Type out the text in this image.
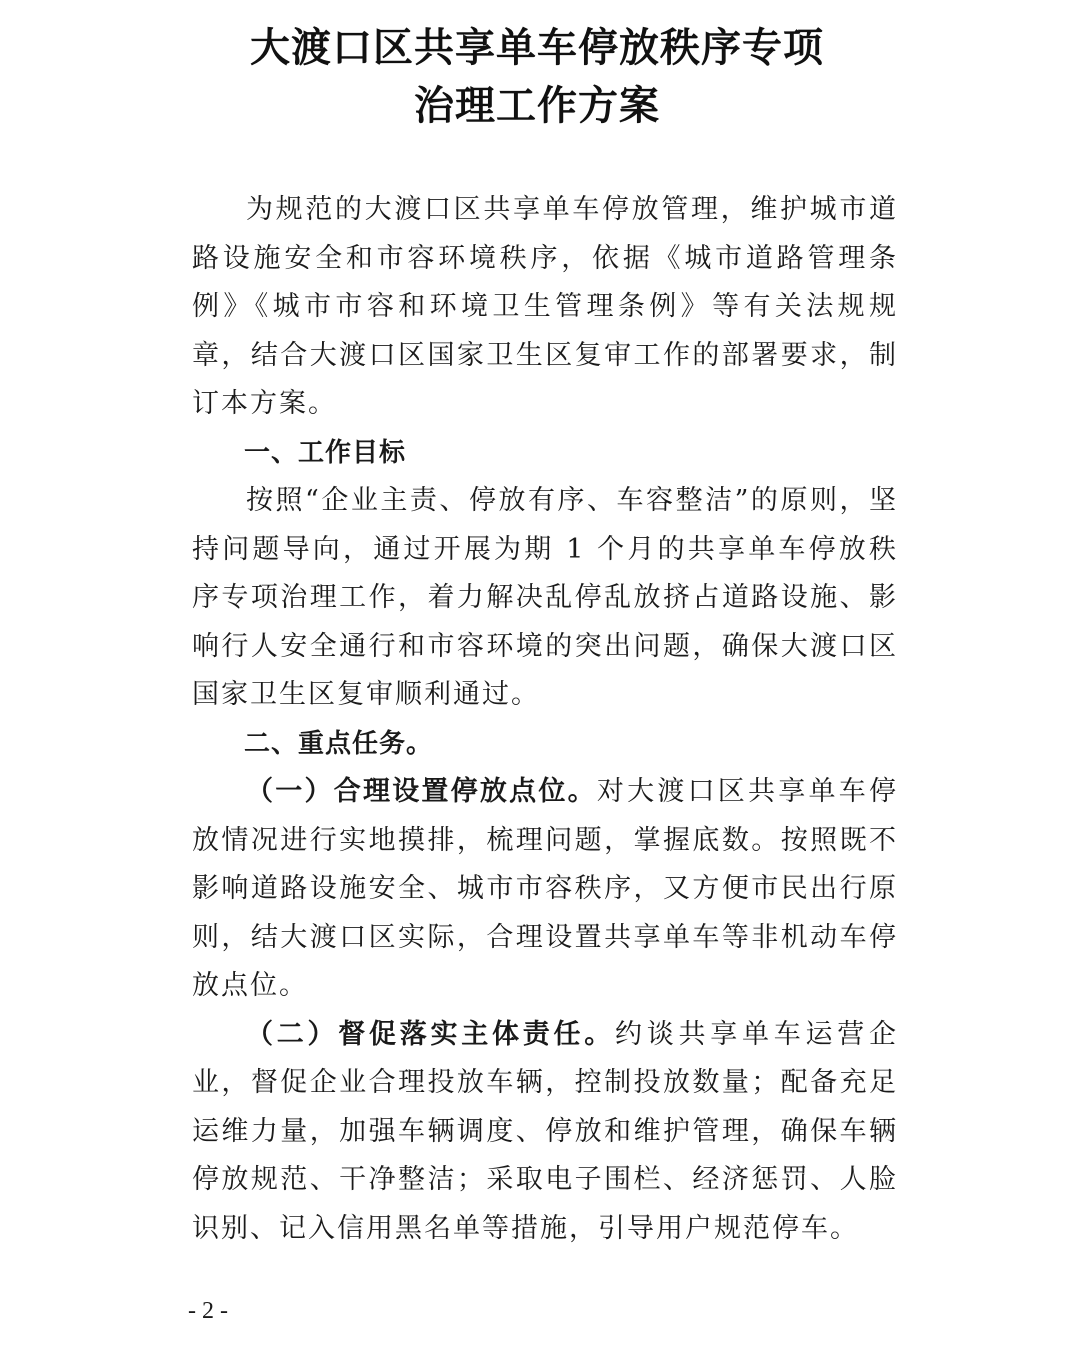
大渡口区共享单车停放秩序专项
治理工作方案

为规范的大渡口区共享单车停放管理，维护城市道路设施安全和市容环境秩序，依据《城市道路管理条例》《城市市容和环境卫生管理条例》等有关法规规章，结合大渡口区国家卫生区复审工作的部署要求，制订本方案。

一、工作目标

按照“企业主责、停放有序、车容整洁”的原则，坚持问题导向，通过开展为期 1 个月的共享单车停放秩序专项治理工作，着力解决乱停乱放挤占道路设施、影响行人安全通行和市容环境的突出问题，确保大渡口区国家卫生区复审顺利通过。

二、重点任务。

（一）合理设置停放点位。对大渡口区共享单车停放情况进行实地摸排，梳理问题，掌握底数。按照既不影响道路设施安全、城市市容秩序，又方便市民出行原则，结大渡口区实际，合理设置共享单车等非机动车停放点位。

（二）督促落实主体责任。约谈共享单车运营企业，督促企业合理投放车辆，控制投放数量；配备充足运维力量，加强车辆调度、停放和维护管理，确保车辆停放规范、干净整洁；采取电子围栏、经济惩罚、人脸识别、记入信用黑名单等措施，引导用户规范停车。

- 2 -
